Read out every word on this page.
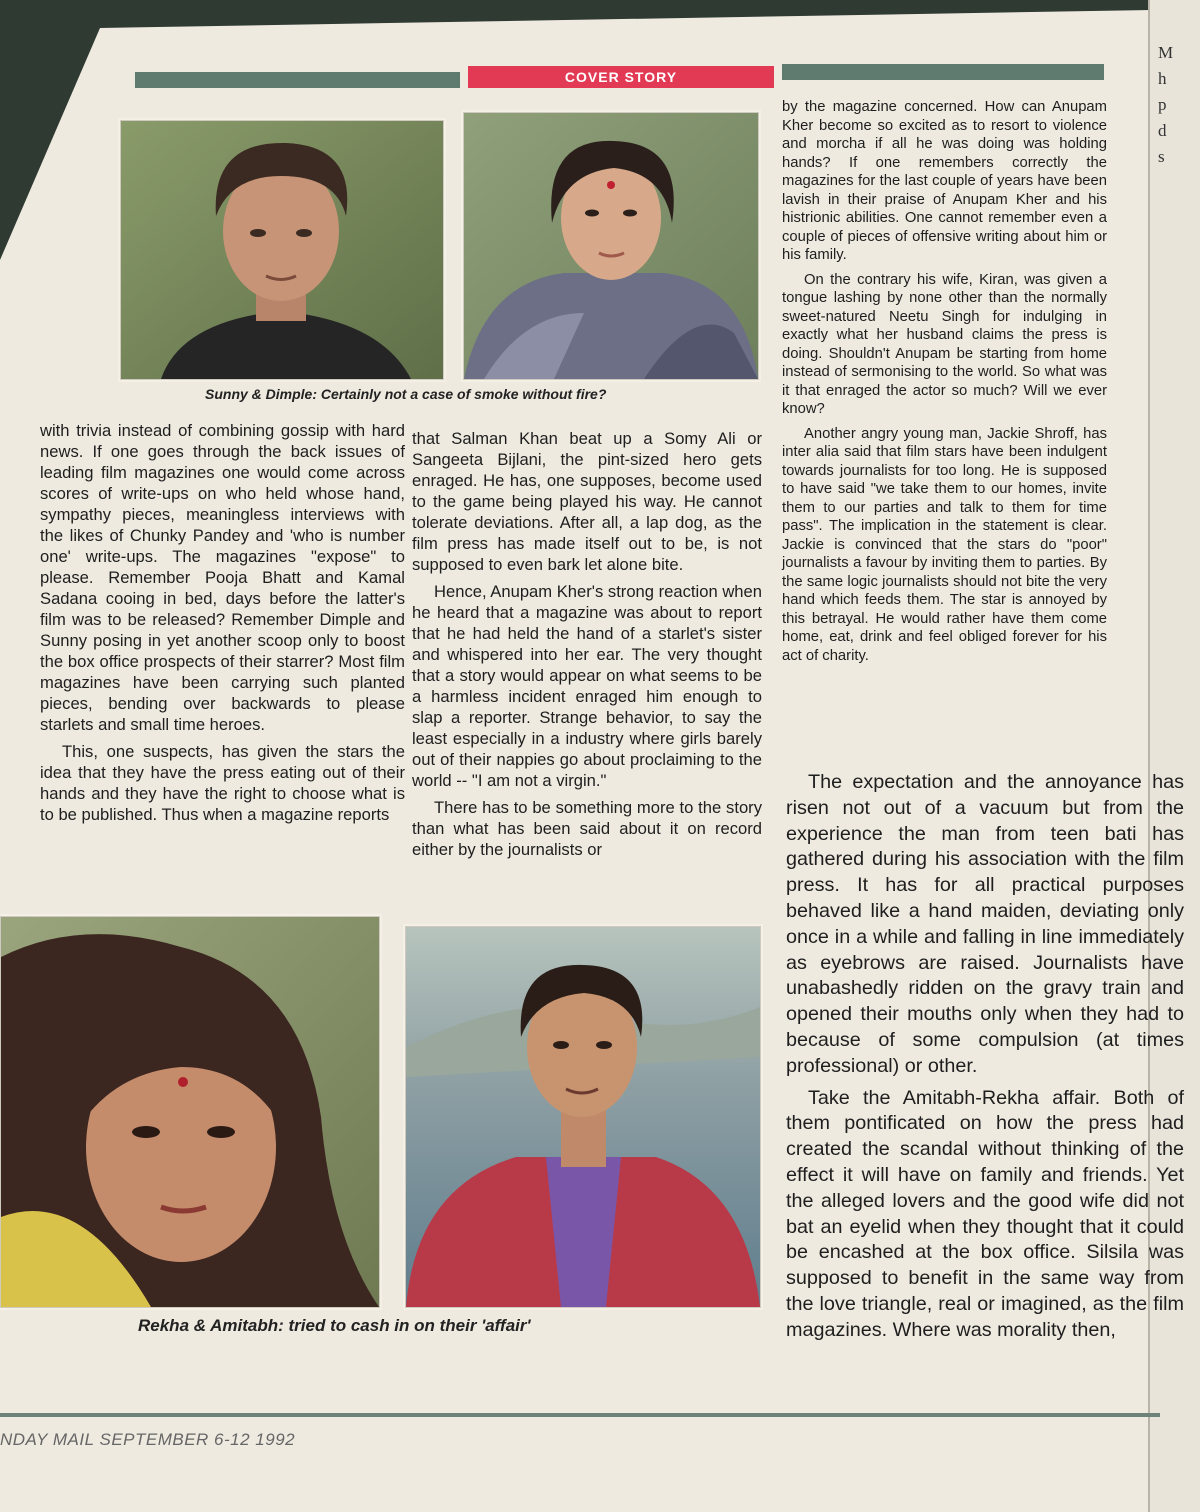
M
h
p
d
s
COVER STORY
Sunny & Dimple: Certainly not a case of smoke without fire?

with trivia instead of combining gossip with hard news. If one goes through the back issues of leading film magazines one would come across scores of write-ups on who held whose hand, sympathy pieces, meaningless interviews with the likes of Chunky Pandey and 'who is number one' write-ups. The magazines "expose" to please. Remember Pooja Bhatt and Kamal Sadana cooing in bed, days before the latter's film was to be released? Remember Dimple and Sunny posing in yet another scoop only to boost the box office prospects of their starrer? Most film magazines have been carrying such planted pieces, bending over backwards to please starlets and small time heroes.

This, one suspects, has given the stars the idea that they have the press eating out of their hands and they have the right to choose what is to be published. Thus when a magazine reports

that Salman Khan beat up a Somy Ali or Sangeeta Bijlani, the pint-sized hero gets enraged. He has, one supposes, become used to the game being played his way. He cannot tolerate deviations. After all, a lap dog, as the film press has made itself out to be, is not supposed to even bark let alone bite.

Hence, Anupam Kher's strong reaction when he heard that a magazine was about to report that he had held the hand of a starlet's sister and whispered into her ear. The very thought that a story would appear on what seems to be a harmless incident enraged him enough to slap a reporter. Strange behavior, to say the least especially in a industry where girls barely out of their nappies go about proclaiming to the world -- "I am not a virgin."

There has to be something more to the story than what has been said about it on record either by the journalists or

by the magazine concerned. How can Anupam Kher become so excited as to resort to violence and morcha if all he was doing was holding hands? If one remembers correctly the magazines for the last couple of years have been lavish in their praise of Anupam Kher and his histrionic abilities. One cannot remember even a couple of pieces of offensive writing about him or his family.

On the contrary his wife, Kiran, was given a tongue lashing by none other than the normally sweet-natured Neetu Singh for indulging in exactly what her husband claims the press is doing. Shouldn't Anupam be starting from home instead of sermonising to the world. So what was it that enraged the actor so much? Will we ever know?

Another angry young man, Jackie Shroff, has inter alia said that film stars have been indulgent towards journalists for too long. He is supposed to have said "we take them to our homes, invite them to our parties and talk to them for time pass". The implication in the statement is clear. Jackie is convinced that the stars do "poor" journalists a favour by inviting them to parties. By the same logic journalists should not bite the very hand which feeds them. The star is annoyed by this betrayal. He would rather have them come home, eat, drink and feel obliged forever for his act of charity.

The expectation and the annoyance has risen not out of a vacuum but from the experience the man from teen bati has gathered during his association with the film press. It has for all practical purposes behaved like a hand maiden, deviating only once in a while and falling in line immediately as eyebrows are raised. Journalists have unabashedly ridden on the gravy train and opened their mouths only when they had to because of some compulsion (at times professional) or other.

Take the Amitabh-Rekha affair. Both of them pontificated on how the press had created the scandal without thinking of the effect it will have on family and friends. Yet the alleged lovers and the good wife did not bat an eyelid when they thought that it could be encashed at the box office. Silsila was supposed to benefit in the same way from the love triangle, real or imagined, as the film magazines. Where was morality then,

Rekha & Amitabh: tried to cash in on their 'affair'
NDAY MAIL SEPTEMBER 6-12 1992
